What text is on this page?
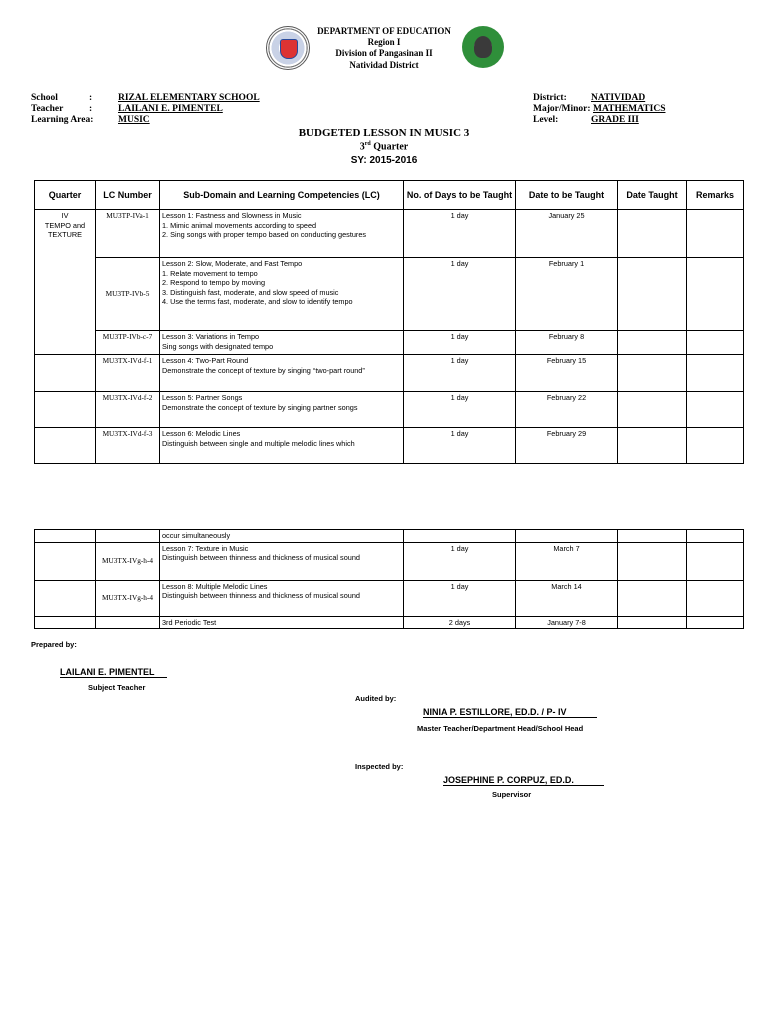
DEPARTMENT OF EDUCATION
Region I
Division of Pangasinan II
Natividad District
School	:	RIZAL ELEMENTARY SCHOOL
Teacher	:	LAILANI E. PIMENTEL
Learning Area:	MUSIC
District:	NATIVIDAD
Major/Minor: MATHEMATICS
Level:	GRADE III
BUDGETED LESSON IN MUSIC 3
3rd Quarter
SY: 2015-2016
Quarter	LC Number	Sub-Domain and Learning Competencies (LC)	No. of Days to be Taught	Date to be Taught	Date Taught	Remarks

IV
TEMPO and
TEXTURE	MU3TP-IVa-1	Lesson 1: Fastness and Slowness in Music
1. Mimic animal movements according to speed
2. Sing songs with proper tempo based on conducting gestures	1 day	January 25		
	MU3TP-IVb-5	Lesson 2: Slow, Moderate, and Fast Tempo
1. Relate movement to tempo
2. Respond to tempo by moving
3. Distinguish fast, moderate, and slow speed of music
4. Use the terms fast, moderate, and slow to identify tempo	1 day	February 1		
	MU3TP-IVb-c-7	Lesson 3: Variations in Tempo
Sing songs with designated tempo	1 day	February 8		
	MU3TX-IVd-f-1	Lesson 4: Two-Part Round
Demonstrate the concept of texture by singing “two-part round”	1 day	February 15		
	MU3TX-IVd-f-2	Lesson 5: Partner Songs
Demonstrate the concept of texture by singing partner songs	1 day	February 22		
	MU3TX-IVd-f-3	Lesson 6: Melodic Lines
Distinguish between single and multiple melodic lines which	1 day	February 29		

		occur simultaneously				

	MU3TX-IVg-h-4	Lesson 7: Texture in Music
Distinguish between thinness and thickness of musical sound	1 day	March 7		
	MU3TX-IVg-h-4	Lesson 8: Multiple Melodic Lines
Distinguish between thinness and thickness of musical sound	1 day	March 14		

		3rd Periodic Test	2 days	January 7-8		
Prepared by:
LAILANI E. PIMENTEL
Subject Teacher
Audited by:
NINIA P. ESTILLORE, ED.D. / P- IV
Master Teacher/Department Head/School Head
Inspected by:
JOSEPHINE P. CORPUZ, ED.D.
Supervisor
